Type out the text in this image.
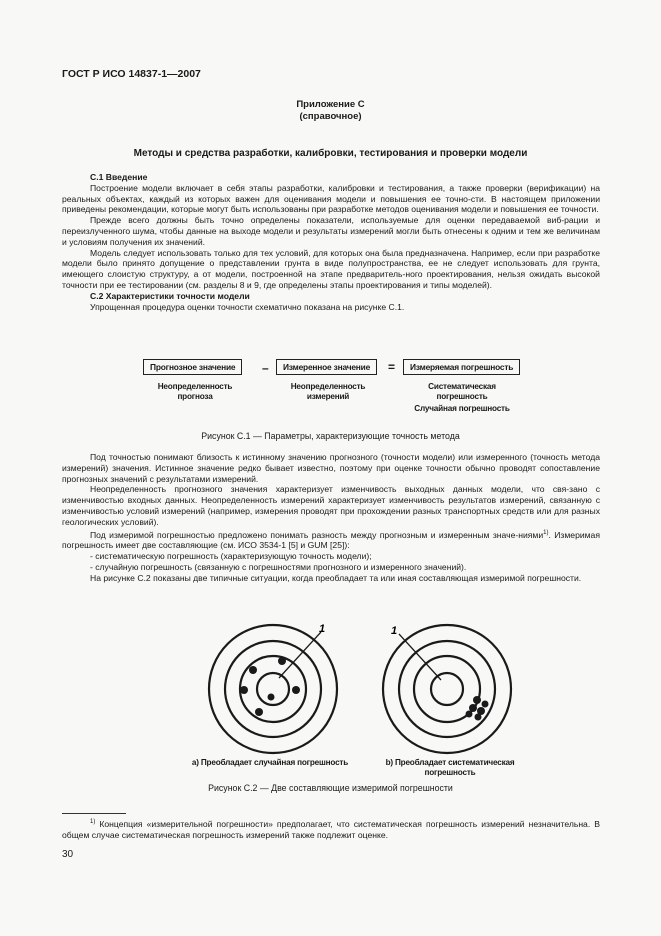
ГОСТ Р ИСО 14837-1—2007
Приложение С
(справочное)
Методы и средства разработки, калибровки, тестирования и проверки модели

С.1 Введение

Построение модели включает в себя этапы разработки, калибровки и тестирования, а также проверки (верификации) на реальных объектах, каждый из которых важен для оценивания модели и повышения ее точно-сти. В настоящем приложении приведены рекомендации, которые могут быть использованы при разработке методов оценивания модели и повышения ее точности.

Прежде всего должны быть точно определены показатели, используемые для оценки передаваемой виб-рации и переизлученного шума, чтобы данные на выходе модели и результаты измерений могли быть отнесены к одним и тем же величинам и условиям получения их значений.

Модель следует использовать только для тех условий, для которых она была предназначена. Например, если при разработке модели было принято допущение о представлении грунта в виде полупространства, ее не следует использовать для грунта, имеющего слоистую структуру, а от модели, построенной на этапе предваритель-ного проектирования, нельзя ожидать высокой точности при ее тестировании (см. разделы 8 и 9, где определены этапы проектирования и типы моделей).

С.2 Характеристики точности модели

Упрощенная процедура оценки точности схематично показана на рисунке С.1.

Прогнозное значение	–	Измеренное значение	=	Измеряемая погрешность
Неопределенность прогноза
Неопределенность измерений
Систематическая погрешность
Случайная погрешность
Рисунок С.1 — Параметры, характеризующие точность метода

Под точностью понимают близость к истинному значению прогнозного (точности модели) или измеренного (точность метода измерений) значения. Истинное значение редко бывает известно, поэтому при оценке точности обычно проводят сопоставление прогнозных значений с результатами измерений.

Неопределенность прогнозного значения характеризует изменчивость выходных данных модели, что свя-зано с изменчивостью входных данных. Неопределенность измерений характеризует изменчивость результатов измерений, связанную с изменчивостью условий измерений (например, измерения проводят при прохождении разных транспортных средств или для разных геологических условий).

Под измеримой погрешностью предложено понимать разность между прогнозным и измеренным значе-ниями$^{1)}$. Измеримая погрешность имеет две составляющие (см. ИСО 3534-1 [5] и GUM [25]):

- систематическую погрешность (характеризующую точность модели);

- случайную погрешность (связанную с погрешностями прогнозного и измеренного значений).

На рисунке С.2 показаны две типичные ситуации, когда преобладает та или иная составляющая измеримой погрешности.

1	1
а) Преобладает случайная погрешность	b) Преобладает систематическая
погрешность
Рисунок С.2 — Две составляющие измеримой погрешности
$^{1)}$ Концепция «измерительной погрешности» предполагает, что систематическая погрешность измерений незначительна. В общем случае систематическая погрешность измерений также подлежит оценке.
30
